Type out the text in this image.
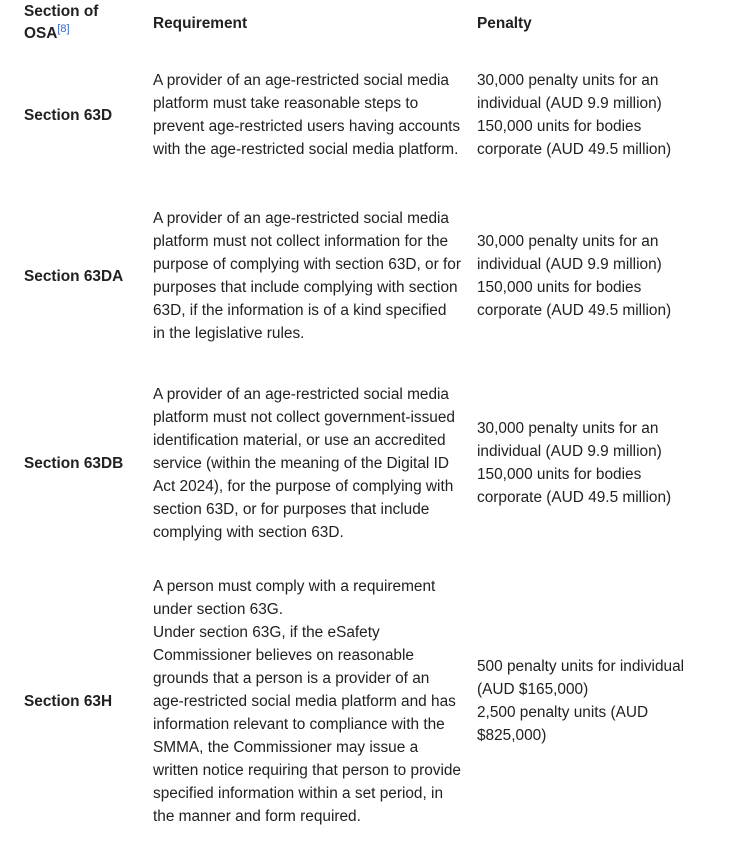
Section of OSA[8]	Requirement	Penalty
Section 63D	A provider of an age-restricted social media platform must take reasonable steps to prevent age-restricted users having accounts with the age-restricted social media platform.	30,000 penalty units for an individual (AUD 9.9 million)
150,000 units for bodies corporate (AUD 49.5 million)

Section 63DA	A provider of an age-restricted social media platform must not collect information for the purpose of complying with section 63D, or for purposes that include complying with section 63D, if the information is of a kind specified in the legislative rules.	30,000 penalty units for an individual (AUD 9.9 million)
150,000 units for bodies corporate (AUD 49.5 million)

Section 63DB	A provider of an age-restricted social media platform must not collect government-issued identification material, or use an accredited service (within the meaning of the Digital ID Act 2024), for the purpose of complying with section 63D, or for purposes that include complying with section 63D.	30,000 penalty units for an individual (AUD 9.9 million)
150,000 units for bodies corporate (AUD 49.5 million)

Section 63H	A person must comply with a requirement under section 63G.
Under section 63G, if the eSafety Commissioner believes on reasonable grounds that a person is a provider of an age-restricted social media platform and has information relevant to compliance with the SMMA, the Commissioner may issue a written notice requiring that person to provide specified information within a set period, in the manner and form required.	500 penalty units for individual (AUD $165,000)
2,500 penalty units (AUD $825,000)
